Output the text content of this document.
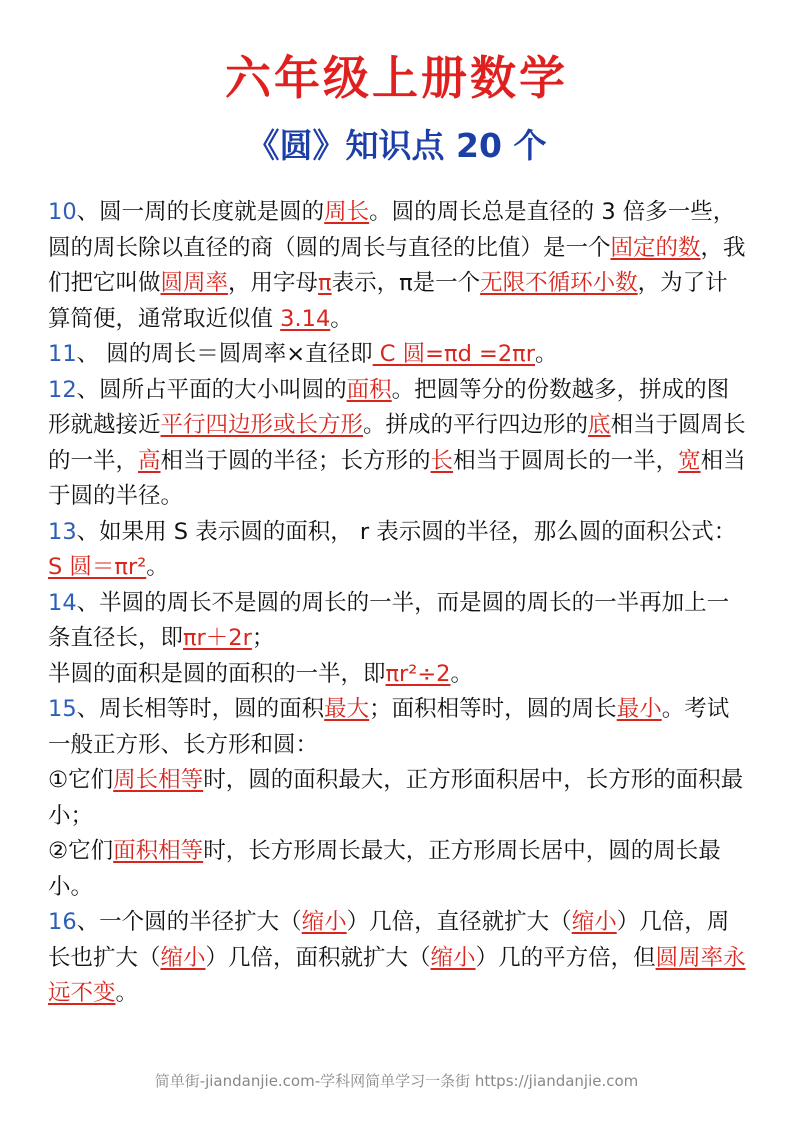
六年级上册数学
《圆》知识点 20 个

10、圆一周的长度就是圆的周长。圆的周长总是直径的 3 倍多一些，圆的周长除以直径的商（圆的周长与直径的比值）是一个固定的数，我们把它叫做圆周率，用字母π表示，π是一个无限不循环小数，为了计算简便，通常取近似值 3.14。

11、 圆的周长＝圆周率×直径即 C 圆=πd =2πr。

12、圆所占平面的大小叫圆的面积。把圆等分的份数越多，拼成的图形就越接近平行四边形或长方形。拼成的平行四边形的底相当于圆周长的一半，高相当于圆的半径；长方形的长相当于圆周长的一半，宽相当于圆的半径。

13、如果用 S 表示圆的面积， r 表示圆的半径，那么圆的面积公式：S 圆＝πr²。

14、半圆的周长不是圆的周长的一半，而是圆的周长的一半再加上一条直径长，即πr＋2r；

半圆的面积是圆的面积的一半，即πr²÷2。

15、周长相等时，圆的面积最大；面积相等时，圆的周长最小。考试一般正方形、长方形和圆：

①它们周长相等时，圆的面积最大，正方形面积居中，长方形的面积最小；

②它们面积相等时，长方形周长最大，正方形周长居中，圆的周长最小。

16、一个圆的半径扩大（缩小）几倍，直径就扩大（缩小）几倍，周长也扩大（缩小）几倍，面积就扩大（缩小）几的平方倍，但圆周率永远不变。

简单街-jiandanjie.com-学科网简单学习一条街 https://jiandanjie.com
